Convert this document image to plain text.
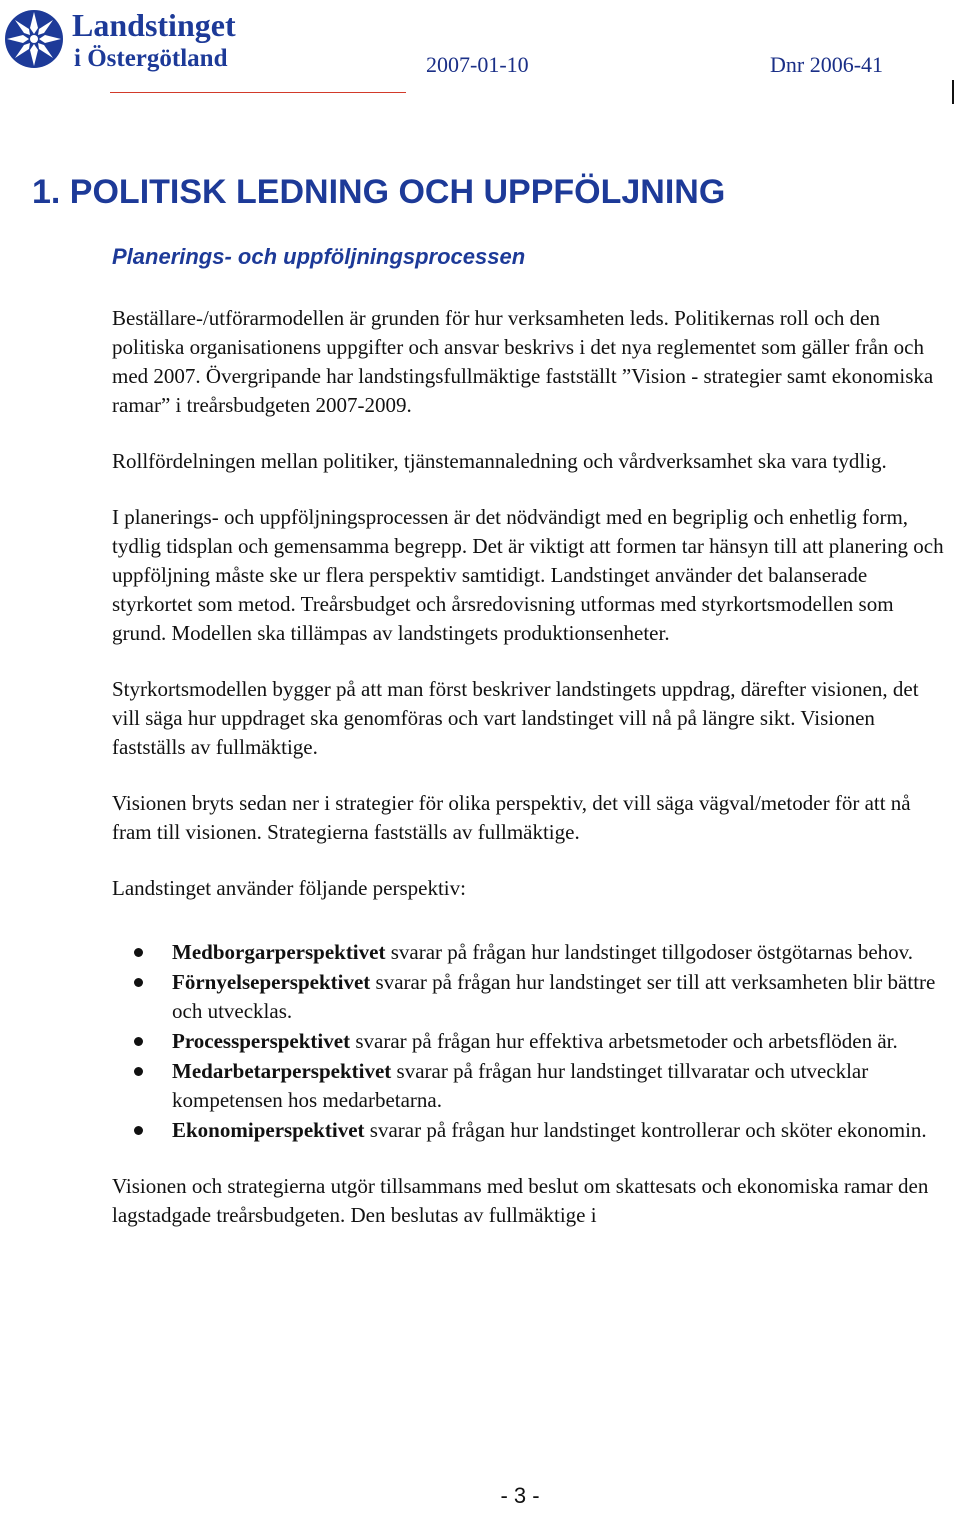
Landstinget
i Östergötland	2007-01-10	Dnr 2006-41
1. POLITISK LEDNING OCH UPPFÖLJNING
Planerings- och uppföljningsprocessen

Beställare-/utförarmodellen är grunden för hur verksamheten leds. Politikernas roll och den politiska organisationens uppgifter och ansvar beskrivs i det nya reglementet som gäller från och med 2007. Övergripande har landstingsfullmäktige fastställt ”Vision - strategier samt ekonomiska ramar” i treårsbudgeten 2007-2009.

Rollfördelningen mellan politiker, tjänstemannaledning och vårdverksamhet ska vara tydlig.

I planerings- och uppföljningsprocessen är det nödvändigt med en begriplig och enhetlig form, tydlig tidsplan och gemensamma begrepp. Det är viktigt att formen tar hänsyn till att planering och uppföljning måste ske ur flera perspektiv samtidigt. Landstinget använder det balanserade styrkortet som metod. Treårsbudget och årsredovisning utformas med styrkortsmodellen som grund. Modellen ska tillämpas av landstingets produktionsenheter.

Styrkortsmodellen bygger på att man först beskriver landstingets uppdrag, därefter visionen, det vill säga hur uppdraget ska genomföras och vart landstinget vill nå på längre sikt. Visionen fastställs av fullmäktige.

Visionen bryts sedan ner i strategier för olika perspektiv, det vill säga vägval/metoder för att nå fram till visionen. Strategierna fastställs av fullmäktige.

Landstinget använder följande perspektiv:

Medborgarperspektivet svarar på frågan hur landstinget tillgodoser östgötarnas behov.
Förnyelseperspektivet svarar på frågan hur landstinget ser till att verksamheten blir bättre och utvecklas.
Processperspektivet svarar på frågan hur effektiva arbetsmetoder och arbetsflöden är.
Medarbetarperspektivet svarar på frågan hur landstinget tillvaratar och utvecklar kompetensen hos medarbetarna.
Ekonomiperspektivet svarar på frågan hur landstinget kontrollerar och sköter ekonomin.

Visionen och strategierna utgör tillsammans med beslut om skattesats och ekonomiska ramar den lagstadgade treårsbudgeten. Den beslutas av fullmäktige i

- 3 -
